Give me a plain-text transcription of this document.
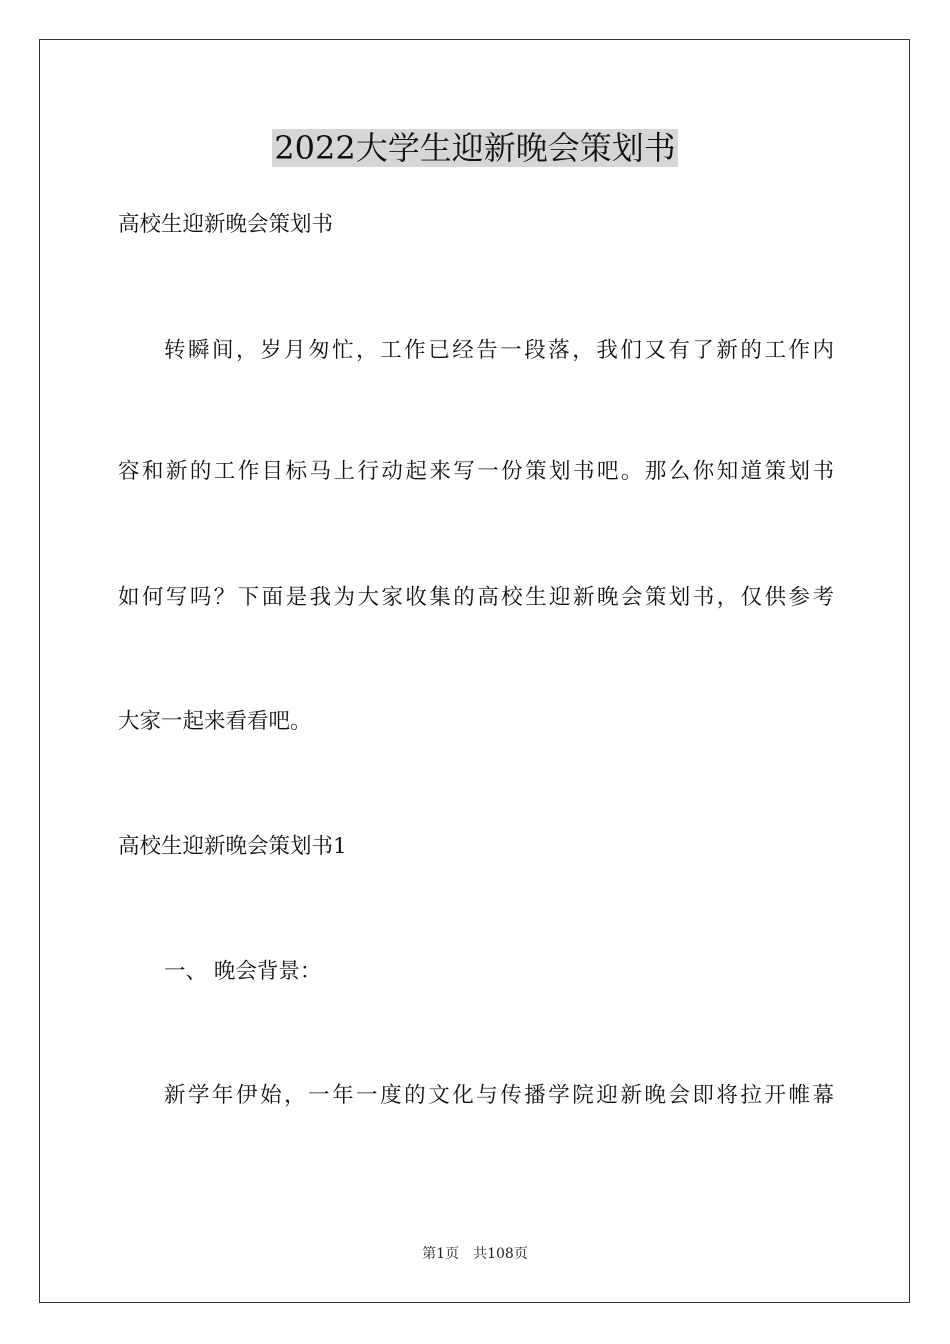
2022大学生迎新晚会策划书

高校生迎新晚会策划书

转瞬间，岁月匆忙，工作已经告一段落，我们又有了新的工作内

容和新的工作目标马上行动起来写一份策划书吧。那么你知道策划书

如何写吗？下面是我为大家收集的高校生迎新晚会策划书，仅供参考

大家一起来看看吧。

高校生迎新晚会策划书1

一、 晚会背景：

新学年伊始，一年一度的文化与传播学院迎新晚会即将拉开帷幕

第1页 共108页
